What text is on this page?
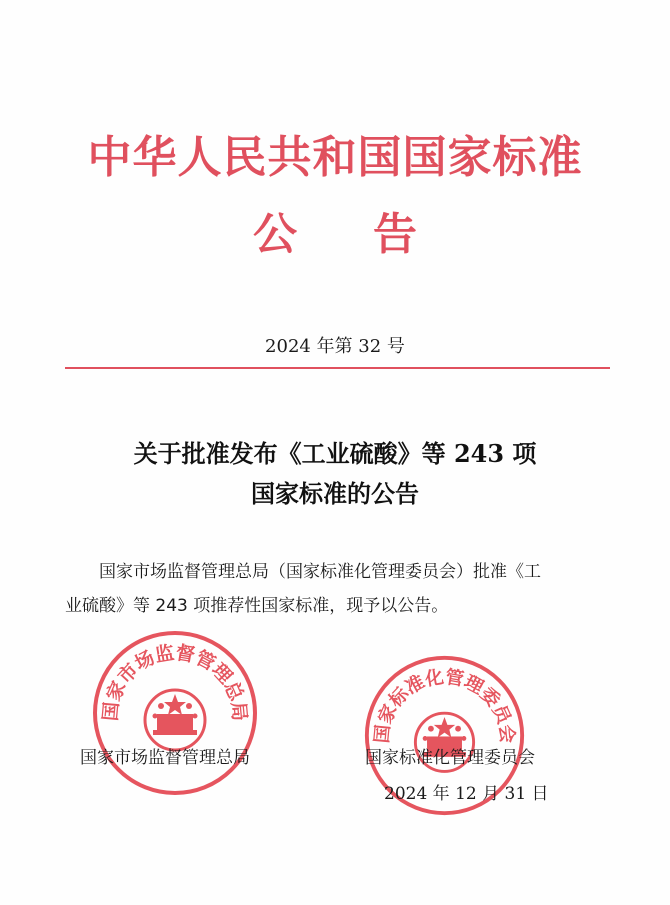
中华人民共和国国家标准
公 告
2024 年第 32 号
关于批准发布《工业硫酸》等 243 项
国家标准的公告
国家市场监督管理总局（国家标准化管理委员会）批准《工
业硫酸》等 243 项推荐性国家标准，现予以公告。
国家市场监督管理总局
国家标准化管理委员会
国家市场监督管理总局	国家标准化管理委员会
2024 年 12 月 31 日
